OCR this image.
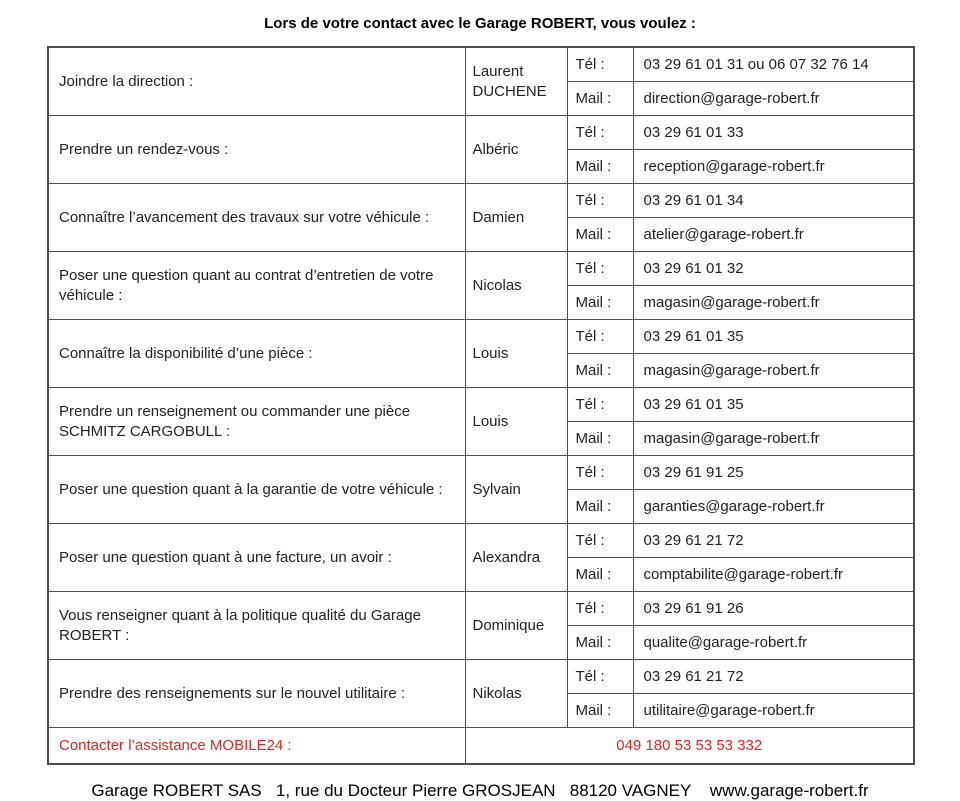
Lors de votre contact avec le Garage ROBERT, vous voulez :
Joindre la direction :	Laurent DUCHENE	Tél :	03 29 61 01 31 ou 06 07 32 76 14
		Mail :	direction@garage-robert.fr
Prendre un rendez-vous :	Albéric	Tél :	03 29 61 01 33
		Mail :	reception@garage-robert.fr
Connaître l’avancement des travaux sur votre véhicule :	Damien	Tél :	03 29 61 01 34
		Mail :	atelier@garage-robert.fr
Poser une question quant au contrat d’entretien de votre véhicule :	Nicolas	Tél :	03 29 61 01 32
		Mail :	magasin@garage-robert.fr
Connaître la disponibilité d’une pièce :	Louis	Tél :	03 29 61 01 35
		Mail :	magasin@garage-robert.fr
Prendre un renseignement ou commander une pièce SCHMITZ CARGOBULL :	Louis	Tél :	03 29 61 01 35
		Mail :	magasin@garage-robert.fr
Poser une question quant à la garantie de votre véhicule :	Sylvain	Tél :	03 29 61 91 25
		Mail :	garanties@garage-robert.fr
Poser une question quant à une facture, un avoir :	Alexandra	Tél :	03 29 61 21 72
		Mail :	comptabilite@garage-robert.fr
Vous renseigner quant à la politique qualité du Garage ROBERT :	Dominique	Tél :	03 29 61 91 26
		Mail :	qualite@garage-robert.fr
Prendre des renseignements sur le nouvel utilitaire :	Nikolas	Tél :	03 29 61 21 72
		Mail :	utilitaire@garage-robert.fr
Contacter l’assistance MOBILE24 :	049 180 53 53 53 332		
Garage ROBERT SAS   1, rue du Docteur Pierre GROSJEAN   88120 VAGNEY    www.garage-robert.fr
